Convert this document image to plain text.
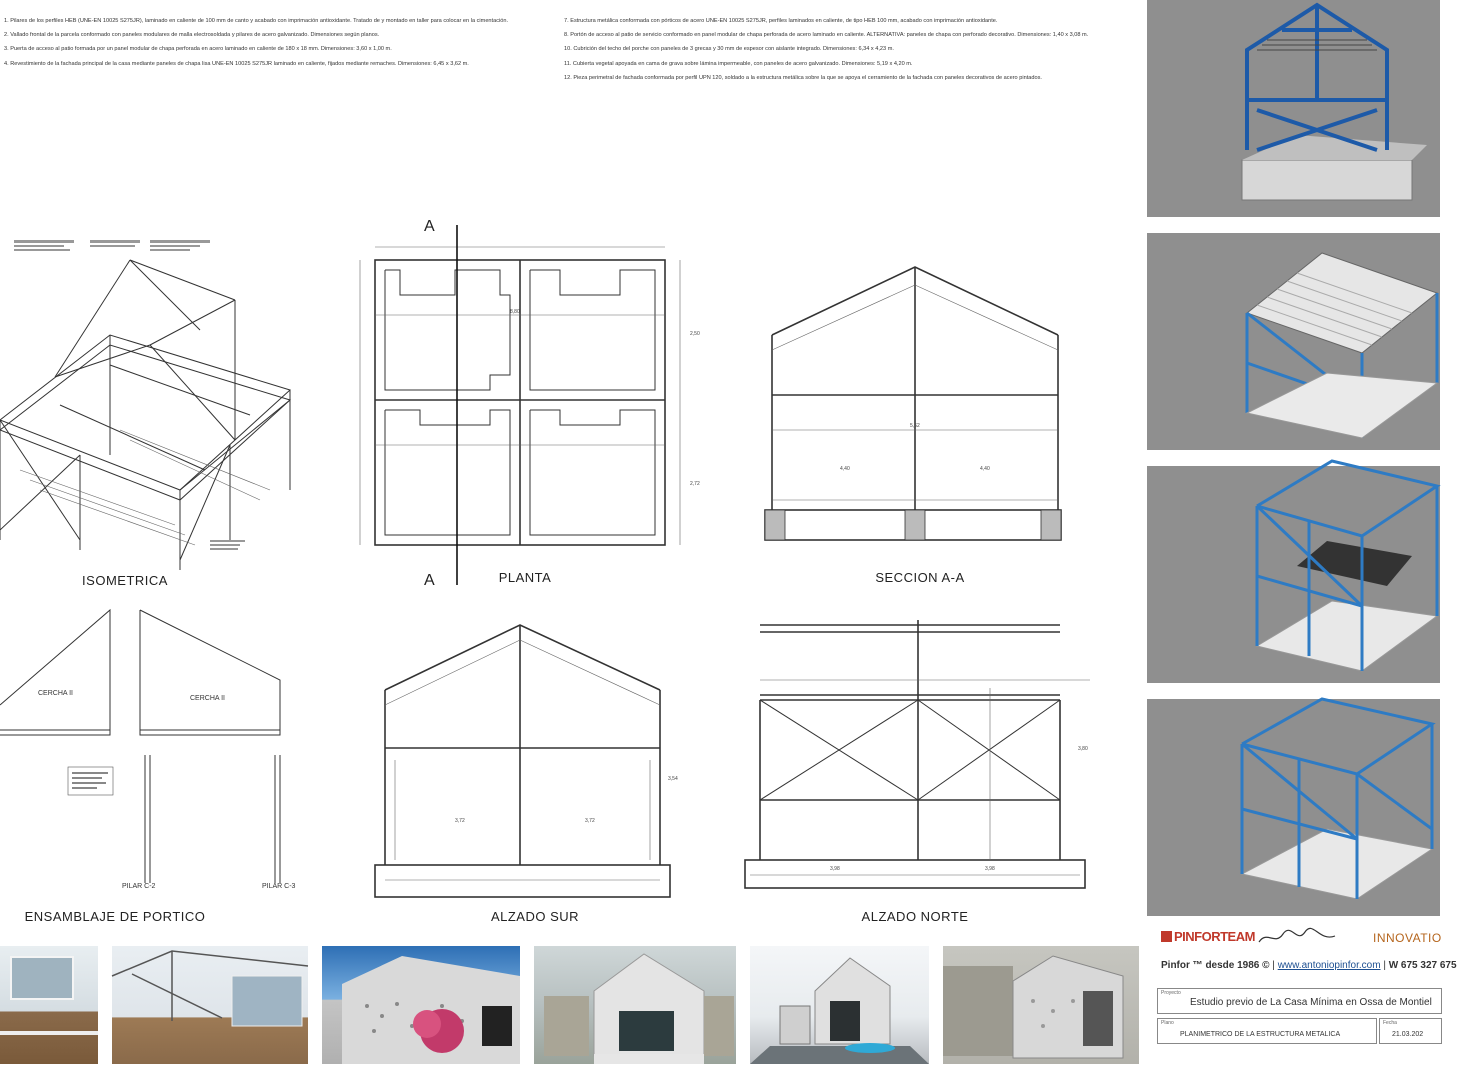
1. Pilares de los perfiles HEB (UNE-EN 10025 S275JR), laminado en caliente de 100 mm de canto y acabado con imprimación antioxidante. Tratado de y montado en taller para colocar en la cimentación.

2. Vallado frontal de la parcela conformado con paneles modulares de malla electrosoldada y pilares de acero galvanizado. Dimensiones según planos.

3. Puerta de acceso al patio formada por un panel modular de chapa perforada en acero laminado en caliente de 180 x 18 mm. Dimensiones: 3,60 x 1,00 m.

4. Revestimiento de la fachada principal de la casa mediante paneles de chapa lisa UNE-EN 10025 S275JR laminado en caliente, fijados mediante remaches. Dimensiones: 6,45 x 3,62 m.

7. Estructura metálica conformada con pórticos de acero UNE-EN 10025 S275JR, perfiles laminados en caliente, de tipo HEB 100 mm, acabado con imprimación antioxidante.

8. Portón de acceso al patio de servicio conformado en panel modular de chapa perforada de acero laminado en caliente. ALTERNATIVA: paneles de chapa con perforado decorativo. Dimensiones: 1,40 x 3,08 m.

10. Cubrición del techo del porche con paneles de 3 grecas y 30 mm de espesor con aislante integrado. Dimensiones: 6,34 x 4,23 m.

11. Cubierta vegetal apoyada en cama de grava sobre lámina impermeable, con paneles de acero galvanizado. Dimensiones: 5,19 x 4,20 m.

12. Pieza perimetral de fachada conformada por perfil UPN 120, soldado a la estructura metálica sobre la que se apoya el cerramiento de la fachada con paneles decorativos de acero pintados.

ISOMETRICA
8,80
2,50
2,72
A
A	PLANTA
5,62
4,40	4,40
SECCION A-A
CERCHA II
CERCHA II
PILAR C-2	PILAR C-3
ENSAMBLAJE DE PORTICO
3,72	3,72
3,54
ALZADO SUR
3,98	3,98
3,80
ALZADO NORTE
PINFORTEAM	INNOVATIO
Pinfor ™ desde 1986 © | www.antoniopinfor.com | W 675 327 675
Proyecto
Estudio previo de La Casa Mínima en Ossa de Montiel
Plano
PLANIMETRICO DE LA ESTRUCTURA METALICA
Fecha
21.03.202
